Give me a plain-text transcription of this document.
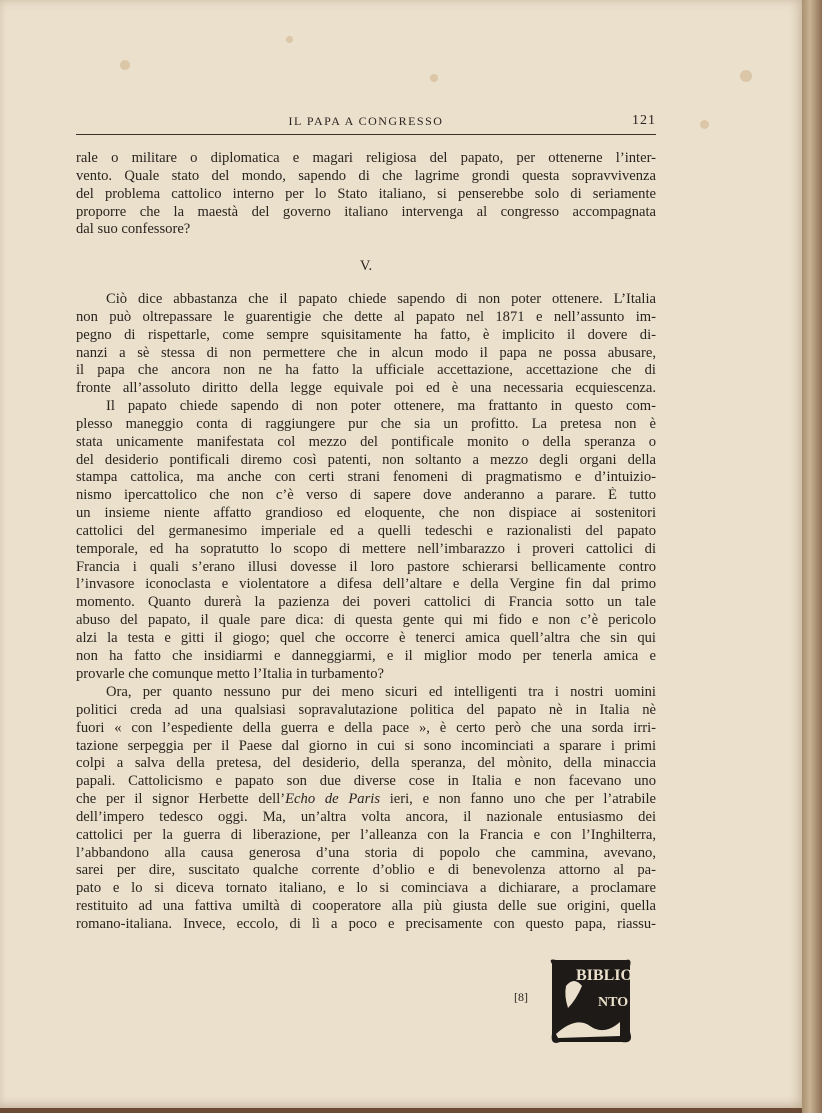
IL PAPA A CONGRESSO	121
rale o militare o diplomatica e magari religiosa del papato, per ottenerne l’inter-
vento. Quale stato del mondo, sapendo di che lagrime grondi questa sopravvivenza
del problema cattolico interno per lo Stato italiano, si penserebbe solo di seriamente
proporre che la maestà del governo italiano intervenga al congresso accompagnata
dal suo confessore?
V.
Ciò dice abbastanza che il papato chiede sapendo di non poter ottenere. L’Italia
non può oltrepassare le guarentigie che dette al papato nel 1871 e nell’assunto im-
pegno di rispettarle, come sempre squisitamente ha fatto, è implicito il dovere di-
nanzi a sè stessa di non permettere che in alcun modo il papa ne possa abusare,
il papa che ancora non ne ha fatto la ufficiale accettazione, accettazione che di
fronte all’assoluto diritto della legge equivale poi ed è una necessaria ecquiescenza.
Il papato chiede sapendo di non poter ottenere, ma frattanto in questo com-
plesso maneggio conta di raggiungere pur che sia un profitto. La pretesa non è
stata unicamente manifestata col mezzo del pontificale monito o della speranza o
del desiderio pontificali diremo così patenti, non soltanto a mezzo degli organi della
stampa cattolica, ma anche con certi strani fenomeni di pragmatismo e d’intuizio-
nismo ipercattolico che non c’è verso di sapere dove anderanno a parare. È tutto
un insieme niente affatto grandioso ed eloquente, che non dispiace ai sostenitori
cattolici del germanesimo imperiale ed a quelli tedeschi e razionalisti del papato
temporale, ed ha sopratutto lo scopo di mettere nell’imbarazzo i proveri cattolici di
Francia i quali s’erano illusi dovesse il loro pastore schierarsi bellicamente contro
l’invasore iconoclasta e violentatore a difesa dell’altare e della Vergine fin dal primo
momento. Quanto durerà la pazienza dei poveri cattolici di Francia sotto un tale
abuso del papato, il quale pare dica: di questa gente qui mi fido e non c’è pericolo
alzi la testa e gitti il giogo; quel che occorre è tenerci amica quell’altra che sin qui
non ha fatto che insidiarmi e danneggiarmi, e il miglior modo per tenerla amica e
provarle che comunque metto l’Italia in turbamento?
Ora, per quanto nessuno pur dei meno sicuri ed intelligenti tra i nostri uomini
politici creda ad una qualsiasi sopravalutazione politica del papato nè in Italia nè
fuori « con l’espediente della guerra e della pace », è certo però che una sorda irri-
tazione serpeggia per il Paese dal giorno in cui si sono incominciati a sparare i primi
colpi a salva della pretesa, del desiderio, della speranza, del mònito, della minaccia
papali. Cattolicismo e papato son due diverse cose in Italia e non facevano uno
che per il signor Herbette dell’Echo de Paris ieri, e non fanno uno che per l’atrabile
dell’impero tedesco oggi. Ma, un’altra volta ancora, il nazionale entusiasmo dei
cattolici per la guerra di liberazione, per l’alleanza con la Francia e con l’Inghilterra,
l’abbandono alla causa generosa d’una storia di popolo che cammina, avevano,
sarei per dire, suscitato qualche corrente d’oblio e di benevolenza attorno al pa-
pato e lo si diceva tornato italiano, e lo si cominciava a dichiarare, a proclamare
restituito ad una fattiva umiltà di cooperatore alla più giusta delle sue origini, quella
romano-italiana. Invece, eccolo, di lì a poco e precisamente con questo papa, riassu-
[8]
BIBLIO
NTO
